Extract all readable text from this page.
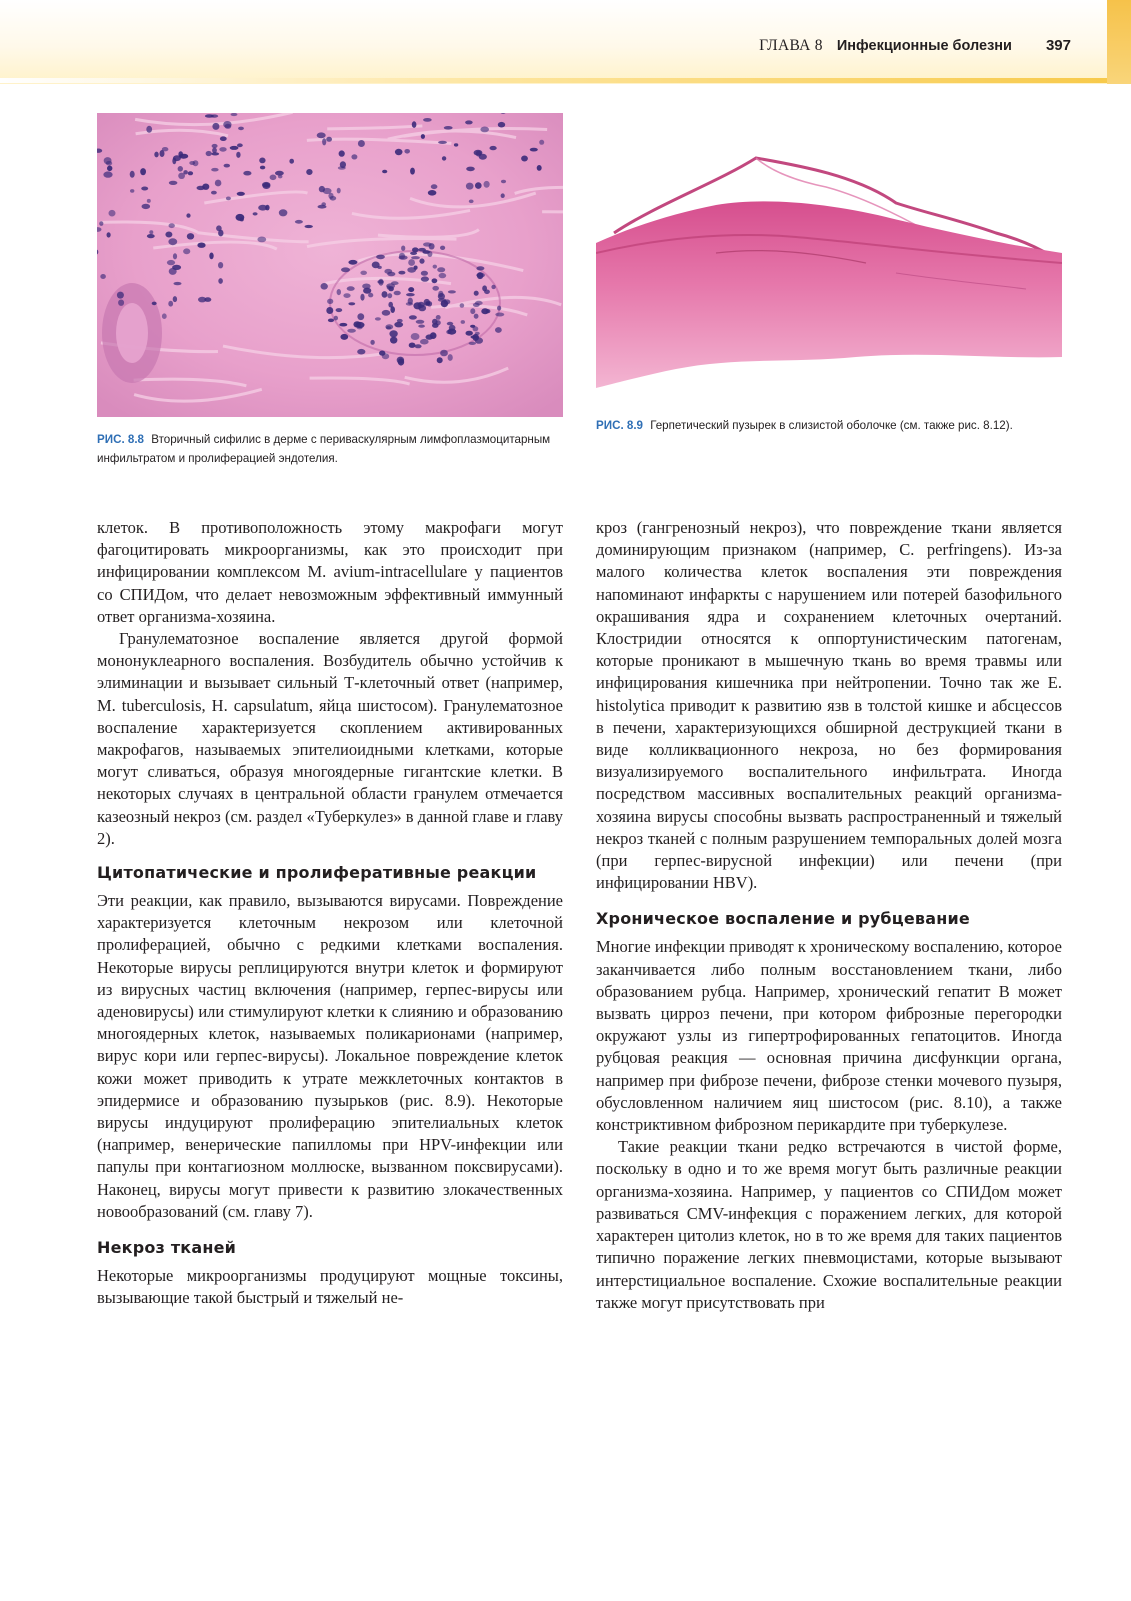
ГЛАВА 8 Инфекционные болезни 397
РИС. 8.8 Вторичный сифилис в дерме с периваскулярным лимфоплазмоцитарным инфильтратом и пролиферацией эндотелия.
РИС. 8.9 Герпетический пузырек в слизистой оболочке (см. также рис. 8.12).

клеток. В противоположность этому макрофаги могут фагоцитировать микроорганизмы, как это происходит при инфицировании комплексом M. avium-intracellulare у пациентов со СПИДом, что делает невозможным эффективный иммунный ответ организма-хозяина.

Гранулематозное воспаление является другой формой мононуклеарного воспаления. Возбудитель обычно устойчив к элиминации и вызывает сильный Т-клеточный ответ (например, M. tuberculosis, H. capsulatum, яйца шистосом). Гранулематозное воспаление характеризуется скоплением активированных макрофагов, называемых эпителиоидными клетками, которые могут сливаться, образуя многоядерные гигантские клетки. В некоторых случаях в центральной области гранулем отмечается казеозный некроз (см. раздел «Туберкулез» в данной главе и главу 2).

Цитопатические и пролиферативные реакции

Эти реакции, как правило, вызываются вирусами. Повреждение характеризуется клеточным некрозом или клеточной пролиферацией, обычно с редкими клетками воспаления. Некоторые вирусы реплицируются внутри клеток и формируют из вирусных частиц включения (например, герпес-вирусы или аденовирусы) или стимулируют клетки к слиянию и образованию многоядерных клеток, называемых поликарионами (например, вирус кори или герпес-вирусы). Локальное повреждение клеток кожи может приводить к утрате межклеточных контактов в эпидермисе и образованию пузырьков (рис. 8.9). Некоторые вирусы индуцируют пролиферацию эпителиальных клеток (например, венерические папилломы при HPV-инфекции или папулы при контагиозном моллюске, вызванном поксвирусами). Наконец, вирусы могут привести к развитию злокачественных новообразований (см. главу 7).

Некроз тканей

Некоторые микроорганизмы продуцируют мощные токсины, вызывающие такой быстрый и тяжелый не-

кроз (гангренозный некроз), что повреждение ткани является доминирующим признаком (например, C. perfringens). Из-за малого количества клеток воспаления эти повреждения напоминают инфаркты с нарушением или потерей базофильного окрашивания ядра и сохранением клеточных очертаний. Клостридии относятся к оппортунистическим патогенам, которые проникают в мышечную ткань во время травмы или инфицирования кишечника при нейтропении. Точно так же E. histolytica приводит к развитию язв в толстой кишке и абсцессов в печени, характеризующихся обширной деструкцией ткани в виде колликвационного некроза, но без формирования визуализируемого воспалительного инфильтрата. Иногда посредством массивных воспалительных реакций организма-хозяина вирусы способны вызвать распространенный и тяжелый некроз тканей с полным разрушением темпоральных долей мозга (при герпес-вирусной инфекции) или печени (при инфицировании HBV).

Хроническое воспаление и рубцевание

Многие инфекции приводят к хроническому воспалению, которое заканчивается либо полным восстановлением ткани, либо образованием рубца. Например, хронический гепатит B может вызвать цирроз печени, при котором фиброзные перегородки окружают узлы из гипертрофированных гепатоцитов. Иногда рубцовая реакция — основная причина дисфункции органа, например при фиброзе печени, фиброзе стенки мочевого пузыря, обусловленном наличием яиц шистосом (рис. 8.10), а также констриктивном фиброзном перикардите при туберкулезе.

Такие реакции ткани редко встречаются в чистой форме, поскольку в одно и то же время могут быть различные реакции организма-хозяина. Например, у пациентов со СПИДом может развиваться CMV-инфекция с поражением легких, для которой характерен цитолиз клеток, но в то же время для таких пациентов типично поражение легких пневмоцистами, которые вызывают интерстициальное воспаление. Схожие воспалительные реакции также могут присутствовать при
